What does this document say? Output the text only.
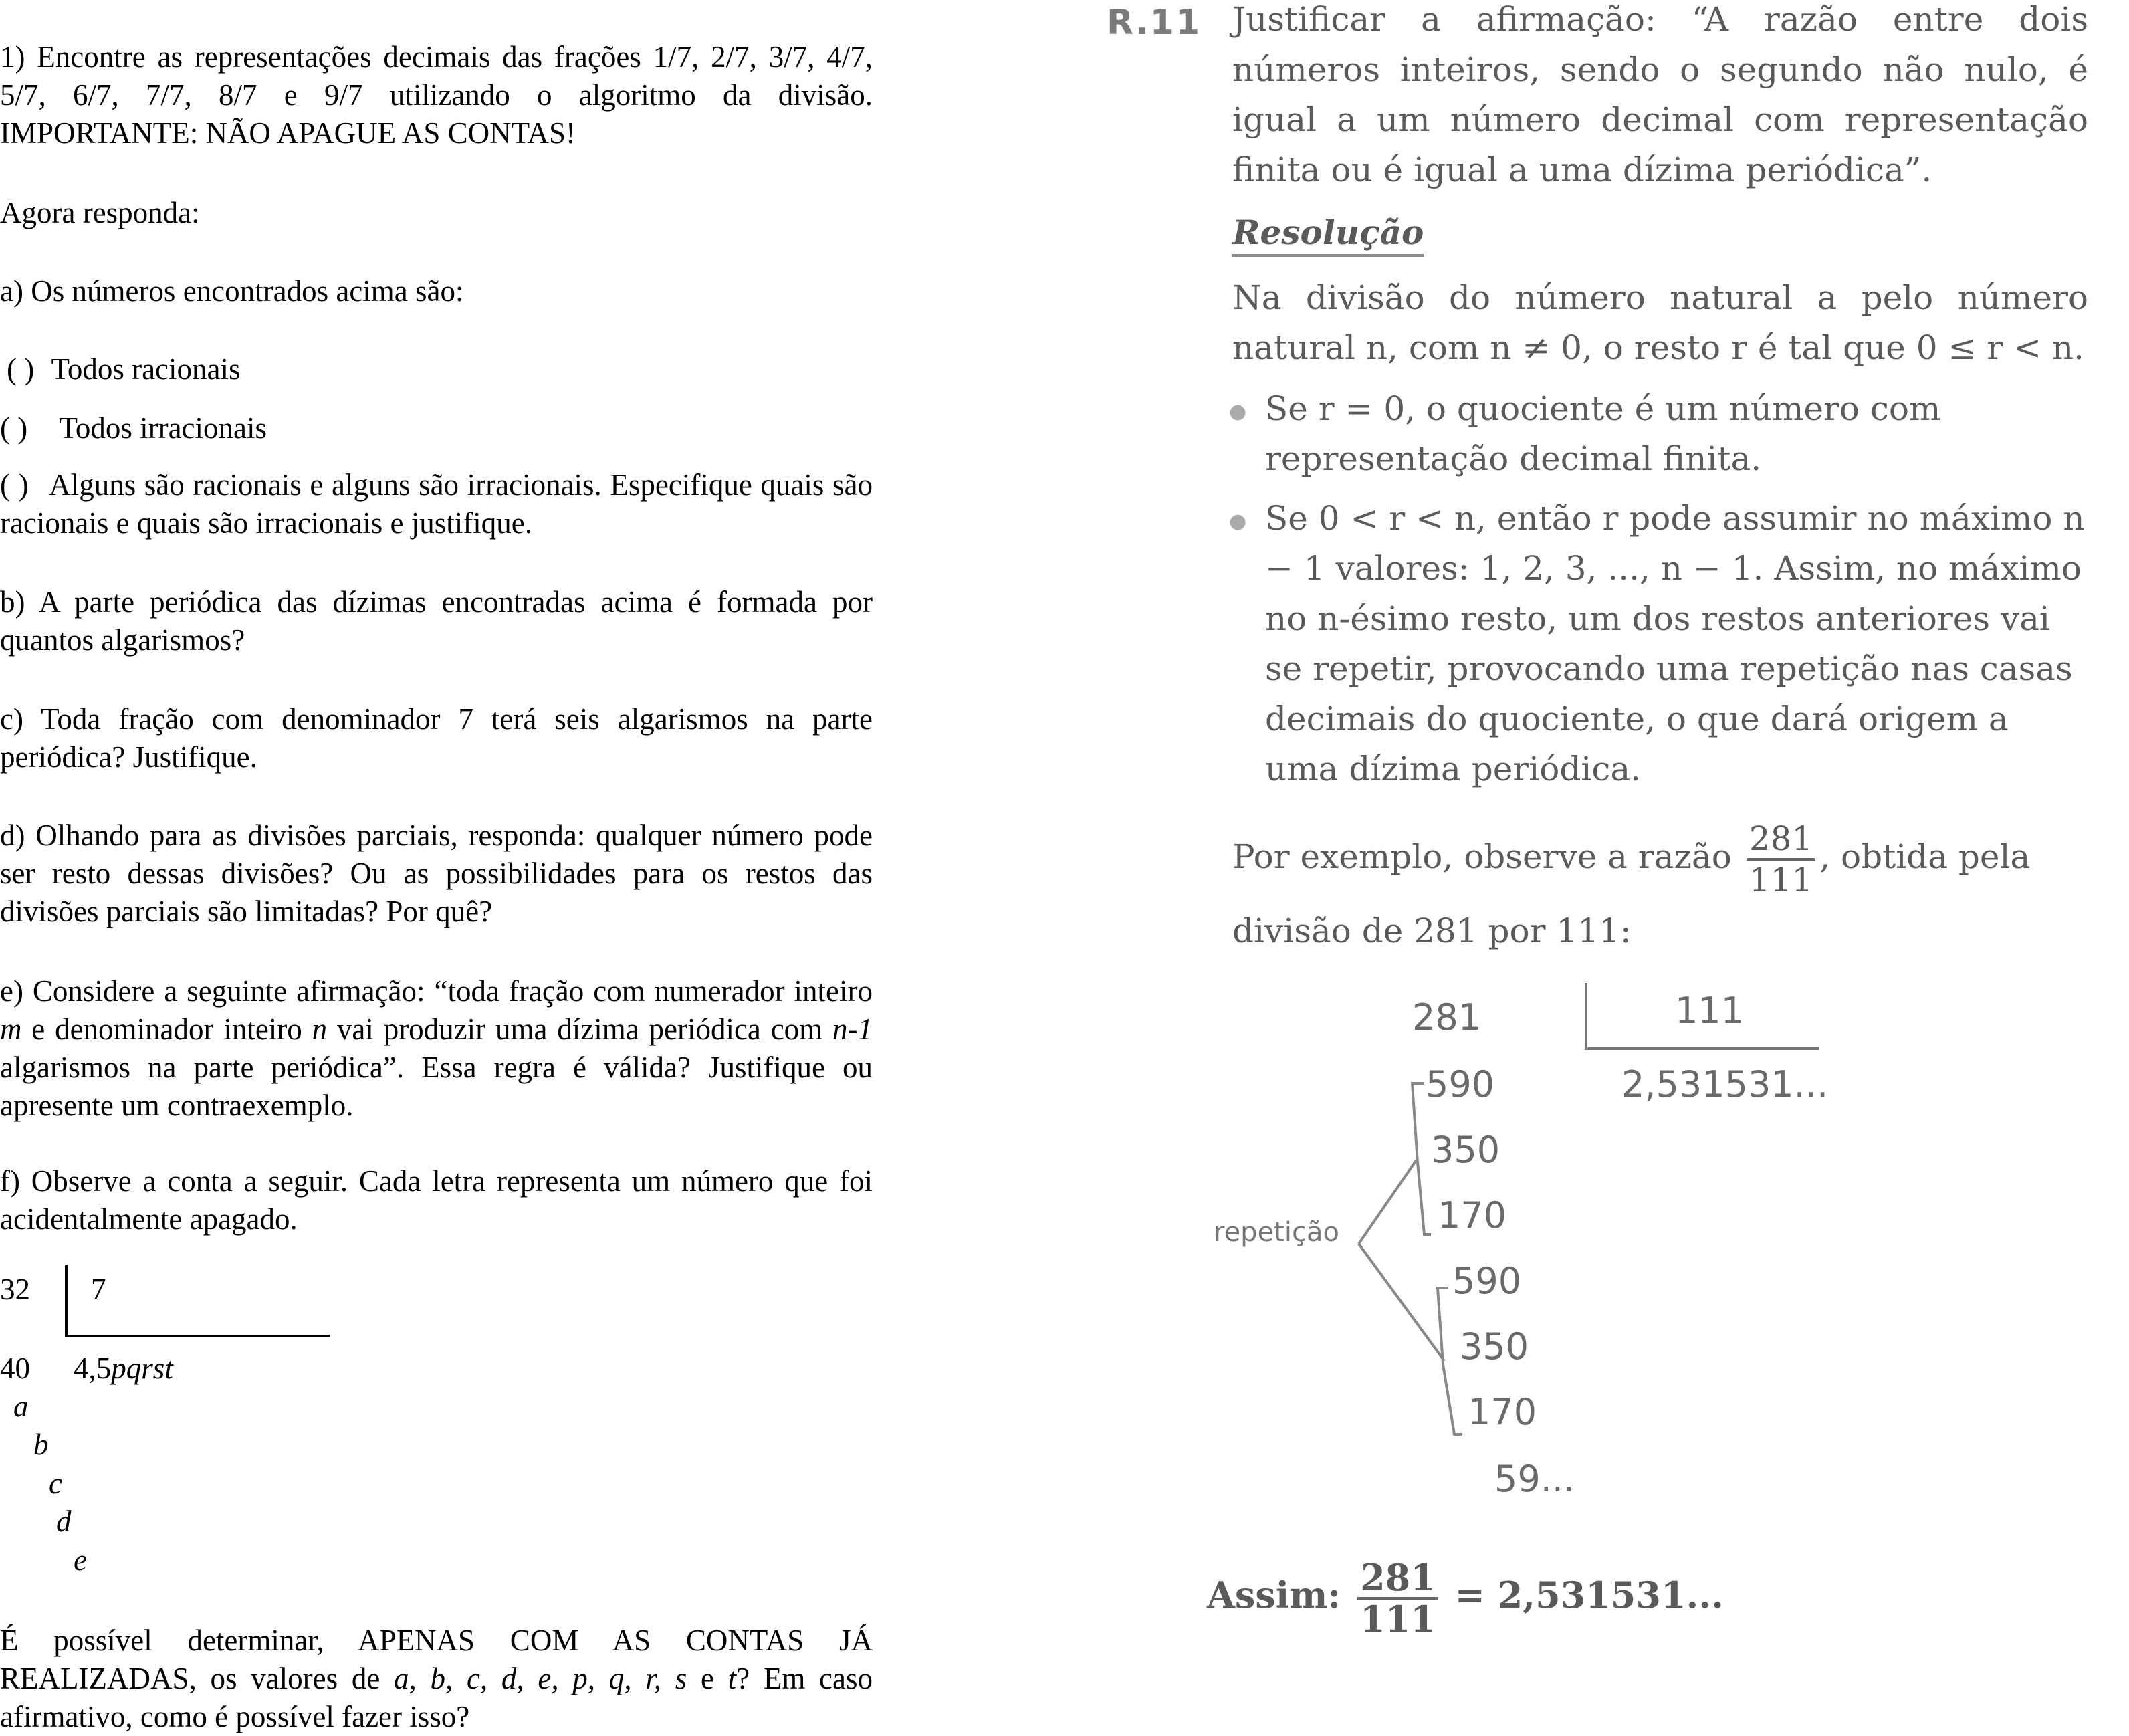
1) Encontre as representações decimais das frações 1/7, 2/7, 3/7, 4/7, 5/7, 6/7, 7/7, 8/7 e 9/7 utilizando o algoritmo da divisão. IMPORTANTE: NÃO APAGUE AS CONTAS!

Agora responda:

a) Os números encontrados acima são:

( ) Todos racionais
( ) Todos irracionais
( ) Alguns são racionais e alguns são irracionais. Especifique quais são racionais e quais são irracionais e justifique.

b) A parte periódica das dízimas encontradas acima é formada por quantos algarismos?

c) Toda fração com denominador 7 terá seis algarismos na parte periódica? Justifique.

d) Olhando para as divisões parciais, responda: qualquer número pode ser resto dessas divisões? Ou as possibilidades para os restos das divisões parciais são limitadas? Por quê?

e) Considere a seguinte afirmação: “toda fração com numerador inteiro m e denominador inteiro n vai produzir uma dízima periódica com n-1 algarismos na parte periódica”. Essa regra é válida? Justifique ou apresente um contraexemplo.

f) Observe a conta a seguir. Cada letra representa um número que foi acidentalmente apagado.

32 7
40 4,5pqrst
a
b
c
d
e

É possível determinar, APENAS COM AS CONTAS JÁ REALIZADAS, os valores de a, b, c, d, e, p, q, r, s e t? Em caso afirmativo, como é possível fazer isso?

R.11 Justificar a afirmação: “A razão entre dois números inteiros, sendo o segundo não nulo, é igual a um número decimal com representação finita ou é igual a uma dízima periódica”.

Resolução

Na divisão do número natural a pelo número natural n, com n ≠ 0, o resto r é tal que 0 ≤ r < n.

● Se r = 0, o quociente é um número com representação decimal finita.

● Se 0 < r < n, então r pode assumir no máximo n − 1 valores: 1, 2, 3, ..., n − 1. Assim, no máximo no n-ésimo resto, um dos restos anteriores vai se repetir, provocando uma repetição nas casas decimais do quociente, o que dará origem a uma dízima periódica.

Por exemplo, observe a razão $\frac{281}{111}$ , obtida pela

divisão de 281 por 111:

281	111
2,531531...
590
350
170
590
350
170
59...
repetição
Assim: $\frac{281}{111} = 2,531531$...
